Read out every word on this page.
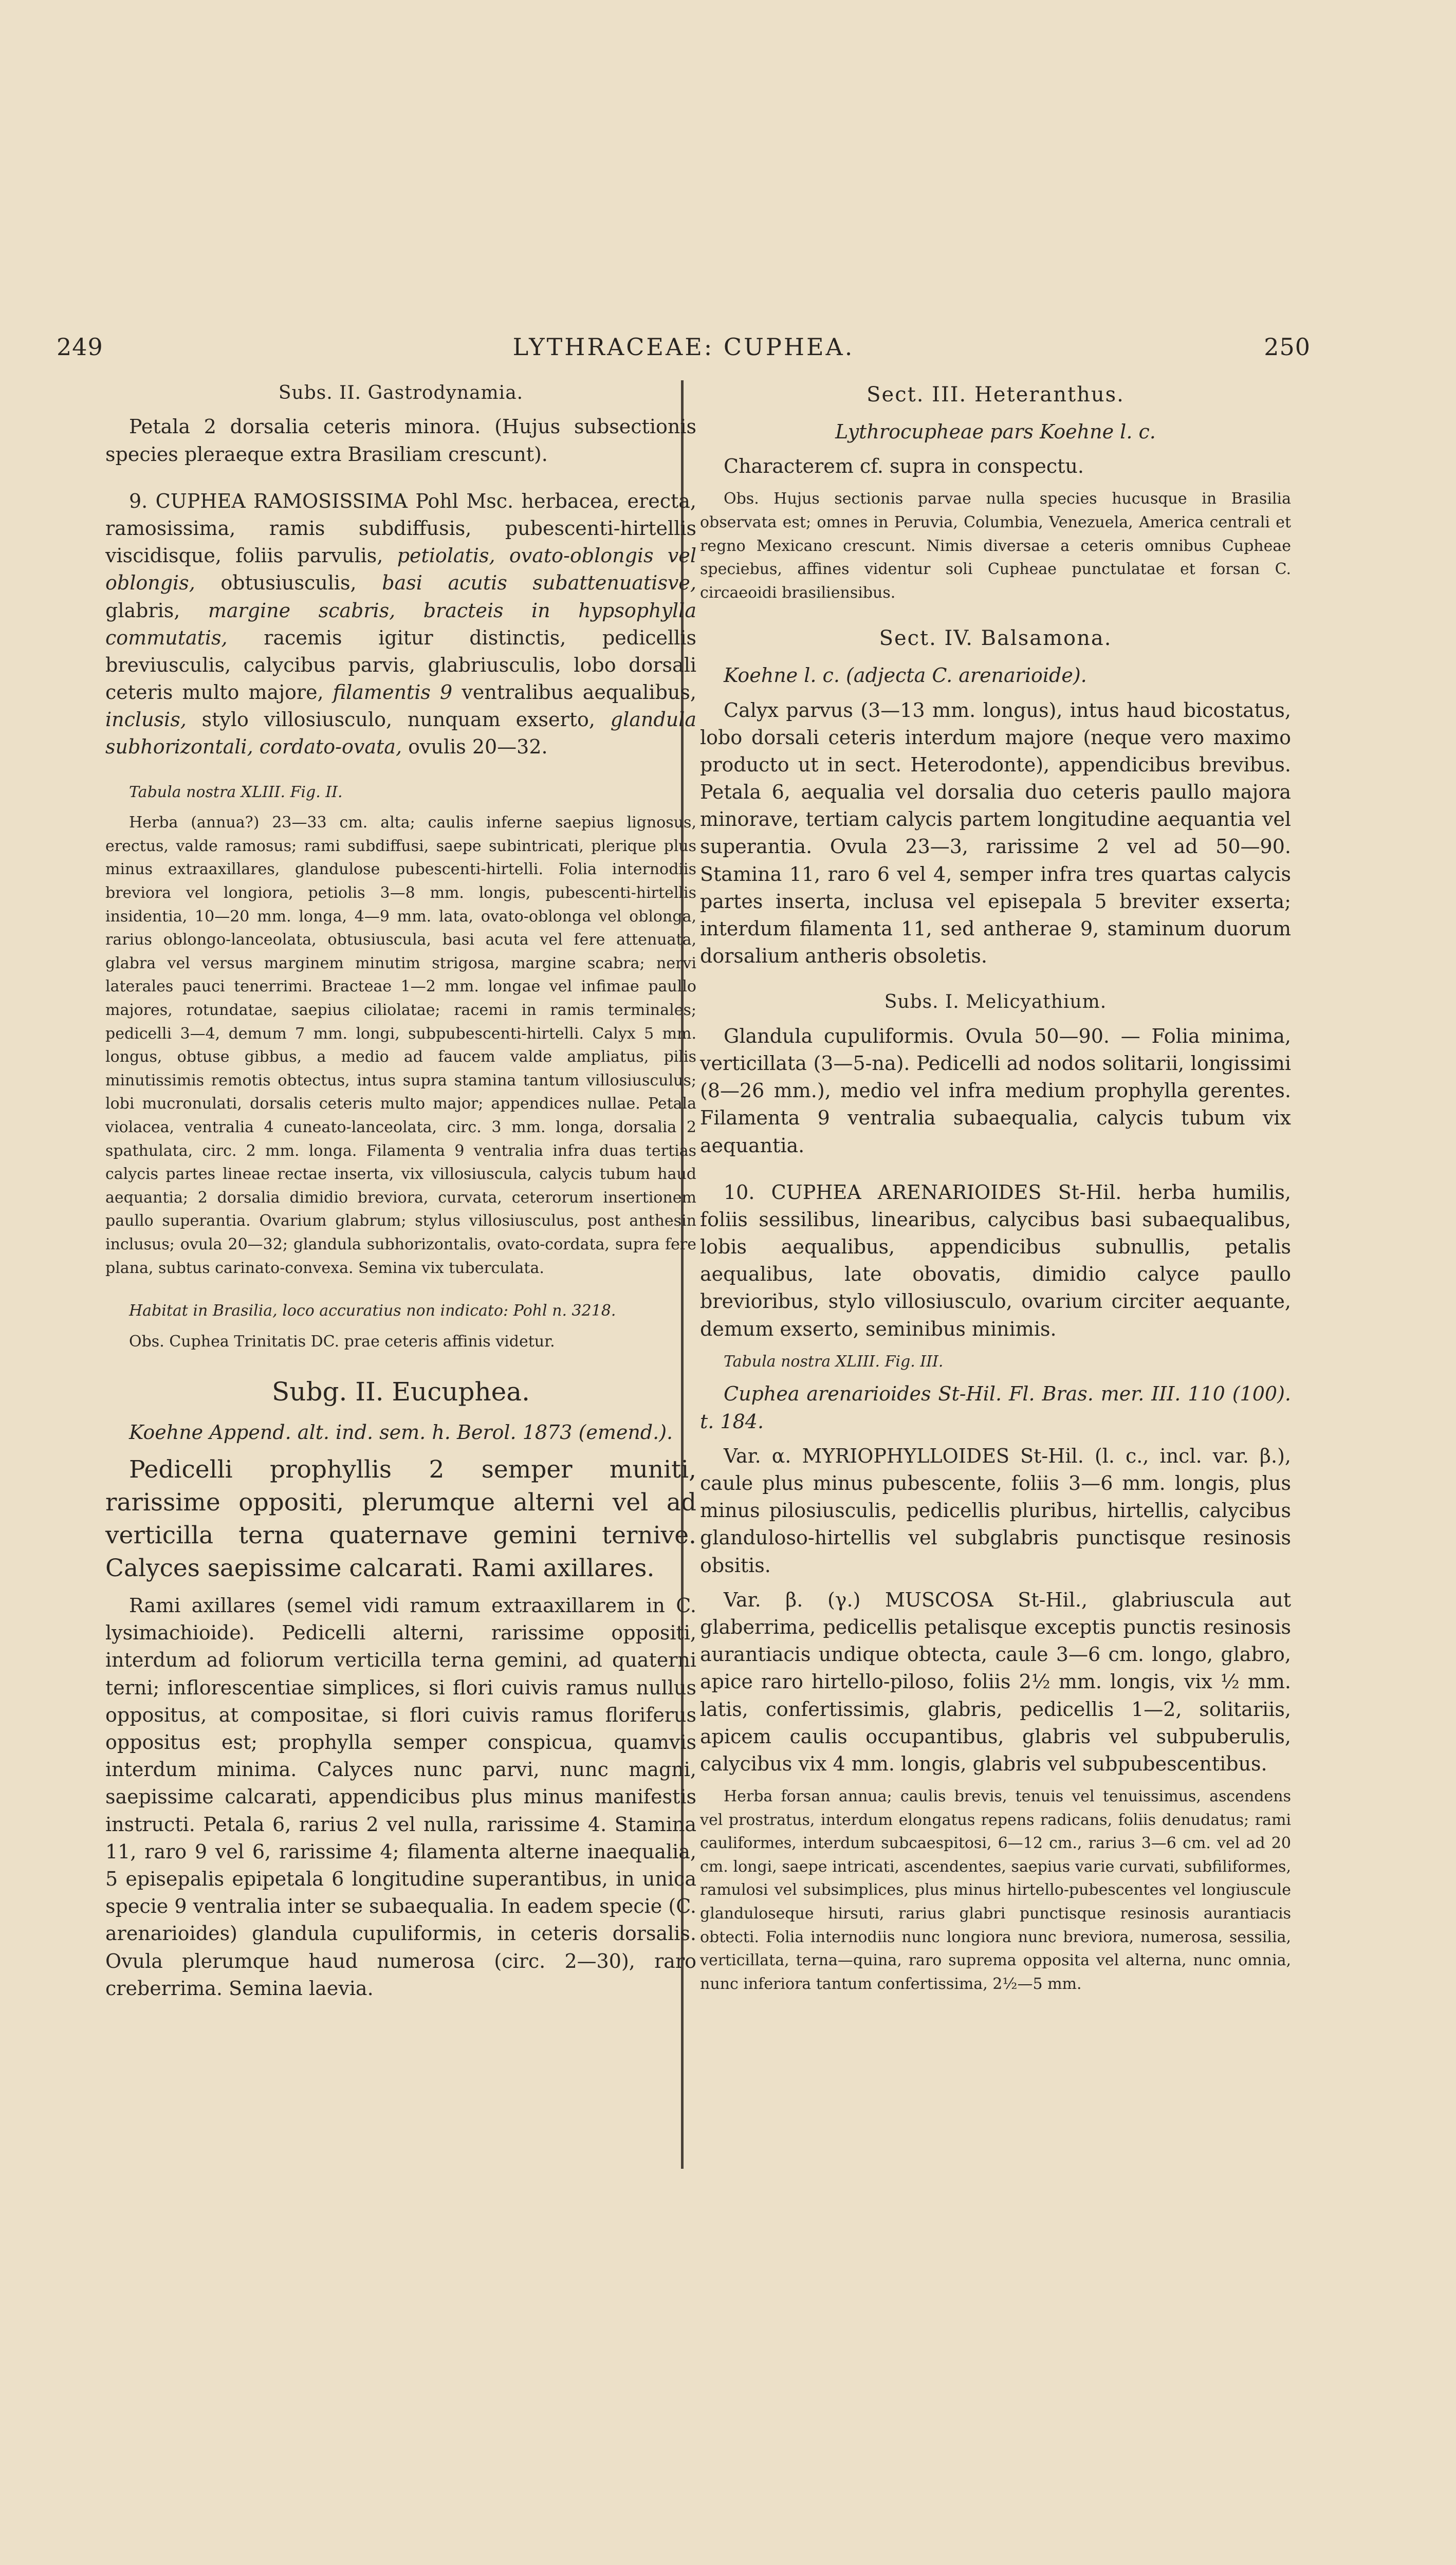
249	LYTHRACEAE: CUPHEA.	250

Subs. II. Gastrodynamia.

Petala 2 dorsalia ceteris minora. (Hujus subsectionis species pleraeque extra Brasiliam crescunt).

9. CUPHEA RAMOSISSIMA Pohl Msc. herbacea, erecta, ramosissima, ramis subdiffusis, pubescenti-hirtellis viscidisque, foliis parvulis, petiolatis, ovato-oblongis vel oblongis, obtusiusculis, basi acutis subattenuatisve, glabris, margine scabris, bracteis in hypsophylla commutatis, racemis igitur distinctis, pedicellis breviusculis, calycibus parvis, glabriusculis, lobo dorsali ceteris multo majore, filamentis 9 ventralibus aequalibus, inclusis, stylo villosiusculo, nunquam exserto, glandula subhorizontali, cordato-ovata, ovulis 20—32.

Tabula nostra XLIII. Fig. II.

Herba (annua?) 23—33 cm. alta; caulis inferne saepius lignosus, erectus, valde ramosus; rami subdiffusi, saepe subintricati, plerique plus minus extraaxillares, glandulose pubescenti-hirtelli. Folia internodiis breviora vel longiora, petiolis 3—8 mm. longis, pubescenti-hirtellis insidentia, 10—20 mm. longa, 4—9 mm. lata, ovato-oblonga vel oblonga, rarius oblongo-lanceolata, obtusiuscula, basi acuta vel fere attenuata, glabra vel versus marginem minutim strigosa, margine scabra; nervi laterales pauci tenerrimi. Bracteae 1—2 mm. longae vel infimae paullo majores, rotundatae, saepius ciliolatae; racemi in ramis terminales; pedicelli 3—4, demum 7 mm. longi, subpubescenti-hirtelli. Calyx 5 mm. longus, obtuse gibbus, a medio ad faucem valde ampliatus, pilis minutissimis remotis obtectus, intus supra stamina tantum villosiusculus; lobi mucronulati, dorsalis ceteris multo major; appendices nullae. Petala violacea, ventralia 4 cuneato-lanceolata, circ. 3 mm. longa, dorsalia 2 spathulata, circ. 2 mm. longa. Filamenta 9 ventralia infra duas tertias calycis partes lineae rectae inserta, vix villosiuscula, calycis tubum haud aequantia; 2 dorsalia dimidio breviora, curvata, ceterorum insertionem paullo superantia. Ovarium glabrum; stylus villosiusculus, post anthesin inclusus; ovula 20—32; glandula subhorizontalis, ovato-cordata, supra fere plana, subtus carinato-convexa. Semina vix tuberculata.

Habitat in Brasilia, loco accuratius non indicato: Pohl n. 3218.

Obs. Cuphea Trinitatis DC. prae ceteris affinis videtur.

Subg. II. Eucuphea.

Koehne Append. alt. ind. sem. h. Berol. 1873 (emend.).

Pedicelli prophyllis 2 semper muniti, rarissime oppositi, plerumque alterni vel ad verticilla terna quaternave gemini ternive. Calyces saepissime calcarati. Rami axillares.

Rami axillares (semel vidi ramum extraaxillarem in C. lysimachioide). Pedicelli alterni, rarissime oppositi, interdum ad foliorum verticilla terna gemini, ad quaterni terni; inflorescentiae simplices, si flori cuivis ramus nullus oppositus, at compositae, si flori cuivis ramus floriferus oppositus est; prophylla semper conspicua, quamvis interdum minima. Calyces nunc parvi, nunc magni, saepissime calcarati, appendicibus plus minus manifestis instructi. Petala 6, rarius 2 vel nulla, rarissime 4. Stamina 11, raro 9 vel 6, rarissime 4; filamenta alterne inaequalia, 5 episepalis epipetala 6 longitudine superantibus, in unica specie 9 ventralia inter se subaequalia. In eadem specie (C. arenarioides) glandula cupuliformis, in ceteris dorsalis. Ovula plerumque haud numerosa (circ. 2—30), raro creberrima. Semina laevia.

Sect. III. Heteranthus.

Lythrocupheae pars Koehne l. c.

Characterem cf. supra in conspectu.

Obs. Hujus sectionis parvae nulla species hucusque in Brasilia observata est; omnes in Peruvia, Columbia, Venezuela, America centrali et regno Mexicano crescunt. Nimis diversae a ceteris omnibus Cupheae speciebus, affines videntur soli Cupheae punctulatae et forsan C. circaeoidi brasiliensibus.

Sect. IV. Balsamona.

Koehne l. c. (adjecta C. arenarioide).

Calyx parvus (3—13 mm. longus), intus haud bicostatus, lobo dorsali ceteris interdum majore (neque vero maximo producto ut in sect. Heterodonte), appendicibus brevibus. Petala 6, aequalia vel dorsalia duo ceteris paullo majora minorave, tertiam calycis partem longitudine aequantia vel superantia. Ovula 23—3, rarissime 2 vel ad 50—90. Stamina 11, raro 6 vel 4, semper infra tres quartas calycis partes inserta, inclusa vel episepala 5 breviter exserta; interdum filamenta 11, sed antherae 9, staminum duorum dorsalium antheris obsoletis.

Subs. I. Melicyathium.

Glandula cupuliformis. Ovula 50—90. — Folia minima, verticillata (3—5-na). Pedicelli ad nodos solitarii, longissimi (8—26 mm.), medio vel infra medium prophylla gerentes. Filamenta 9 ventralia subaequalia, calycis tubum vix aequantia.

10. CUPHEA ARENARIOIDES St-Hil. herba humilis, foliis sessilibus, linearibus, calycibus basi subaequalibus, lobis aequalibus, appendicibus subnullis, petalis aequalibus, late obovatis, dimidio calyce paullo brevioribus, stylo villosiusculo, ovarium circiter aequante, demum exserto, seminibus minimis.

Tabula nostra XLIII. Fig. III.

Cuphea arenarioides St-Hil. Fl. Bras. mer. III. 110 (100). t. 184.

Var. α. MYRIOPHYLLOIDES St-Hil. (l. c., incl. var. β.), caule plus minus pubescente, foliis 3—6 mm. longis, plus minus pilosiusculis, pedicellis pluribus, hirtellis, calycibus glanduloso-hirtellis vel subglabris punctisque resinosis obsitis.

Var. β. (γ.) MUSCOSA St-Hil., glabriuscula aut glaberrima, pedicellis petalisque exceptis punctis resinosis aurantiacis undique obtecta, caule 3—6 cm. longo, glabro, apice raro hirtello-piloso, foliis 2½ mm. longis, vix ½ mm. latis, confertissimis, glabris, pedicellis 1—2, solitariis, apicem caulis occupantibus, glabris vel subpuberulis, calycibus vix 4 mm. longis, glabris vel subpubescentibus.

Herba forsan annua; caulis brevis, tenuis vel tenuissimus, ascendens vel prostratus, interdum elongatus repens radicans, foliis denudatus; rami cauliformes, interdum subcaespitosi, 6—12 cm., rarius 3—6 cm. vel ad 20 cm. longi, saepe intricati, ascendentes, saepius varie curvati, subfiliformes, ramulosi vel subsimplices, plus minus hirtello-pubescentes vel longiuscule glanduloseque hirsuti, rarius glabri punctisque resinosis aurantiacis obtecti. Folia internodiis nunc longiora nunc breviora, numerosa, sessilia, verticillata, terna—quina, raro suprema opposita vel alterna, nunc omnia, nunc inferiora tantum confertissima, 2½—5 mm.
